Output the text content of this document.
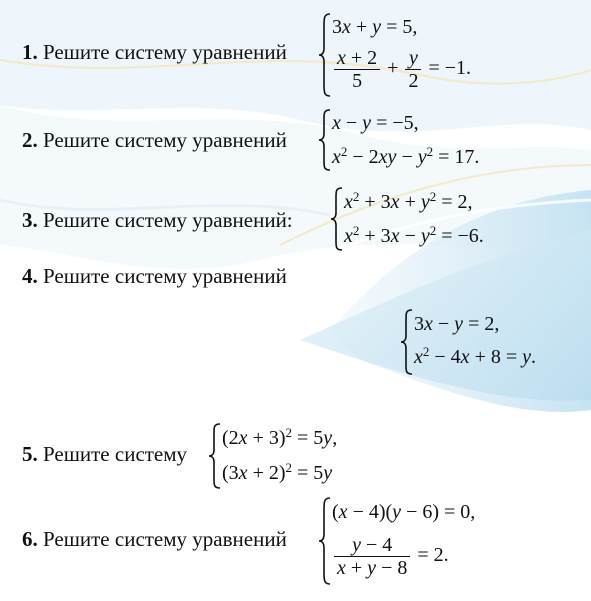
1. Решите систему уравнений
2. Решите систему уравнений
3. Решите систему уравнений:
4. Решите систему уравнений
5. Решите систему
6. Решите систему уравнений
3x + y = 5,
$\frac{x + 2}{5} + \frac{y}{2} = -1$.
x − y = −5,
$x^2 - 2xy - y^2 = 17$.
$x^2 + 3x + y^2 = 2$,
$x^2 + 3x - y^2 = -6$.
3x − y = 2,
$x^2 - 4x + 8 = y$.
$(2x + 3)^2 = 5y$,
$(3x + 2)^2 = 5y$
(x − 4)(y − 6) = 0,
$\frac{y - 4}{x + y - 8} = 2$.
